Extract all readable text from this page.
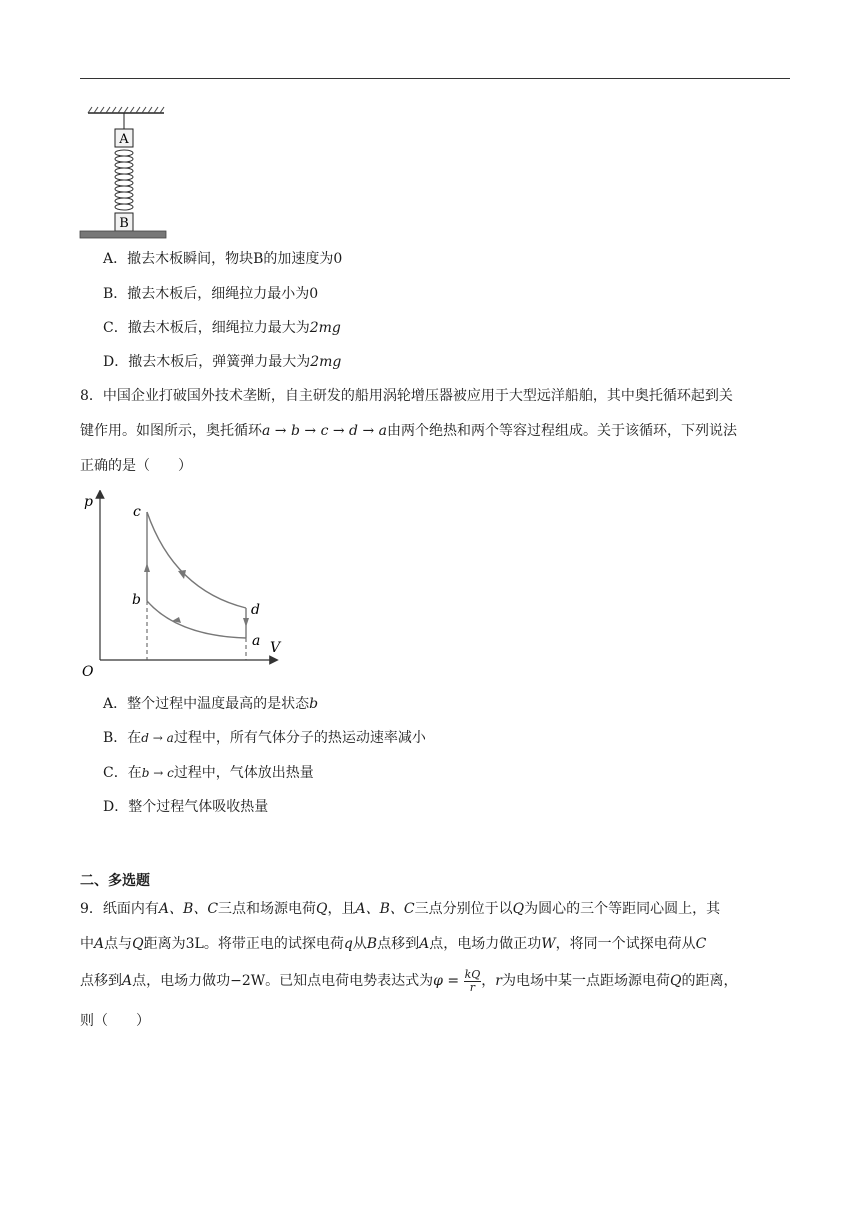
A
B
A．撤去木板瞬间，物块B的加速度为0
B．撤去木板后，细绳拉力最小为0
C．撤去木板后，细绳拉力最大为2mg
D．撤去木板后，弹簧弹力最大为2mg
8．中国企业打破国外技术垄断，自主研发的船用涡轮增压器被应用于大型远洋船舶，其中奥托循环起到关
键作用。如图所示，奥托循环a → b → c → d → a由两个绝热和两个等容过程组成。关于该循环，下列说法
正确的是（　　）
p
V
O
a
b
c
d
A．整个过程中温度最高的是状态b
B．在d → a过程中，所有气体分子的热运动速率减小
C．在b → c过程中，气体放出热量
D．整个过程气体吸收热量
二、多选题
9．纸面内有A、B、C三点和场源电荷Q，且A、B、C三点分别位于以Q为圆心的三个等距同心圆上，其
中A点与Q距离为3L。将带正电的试探电荷q从B点移到A点，电场力做正功W，将同一个试探电荷从C
点移到A点，电场力做功−2W。已知点电荷电势表达式为$\varphi = \frac{kQ}{r}$ ，r为电场中某一点距场源电荷Q的距离，
则（　　）
